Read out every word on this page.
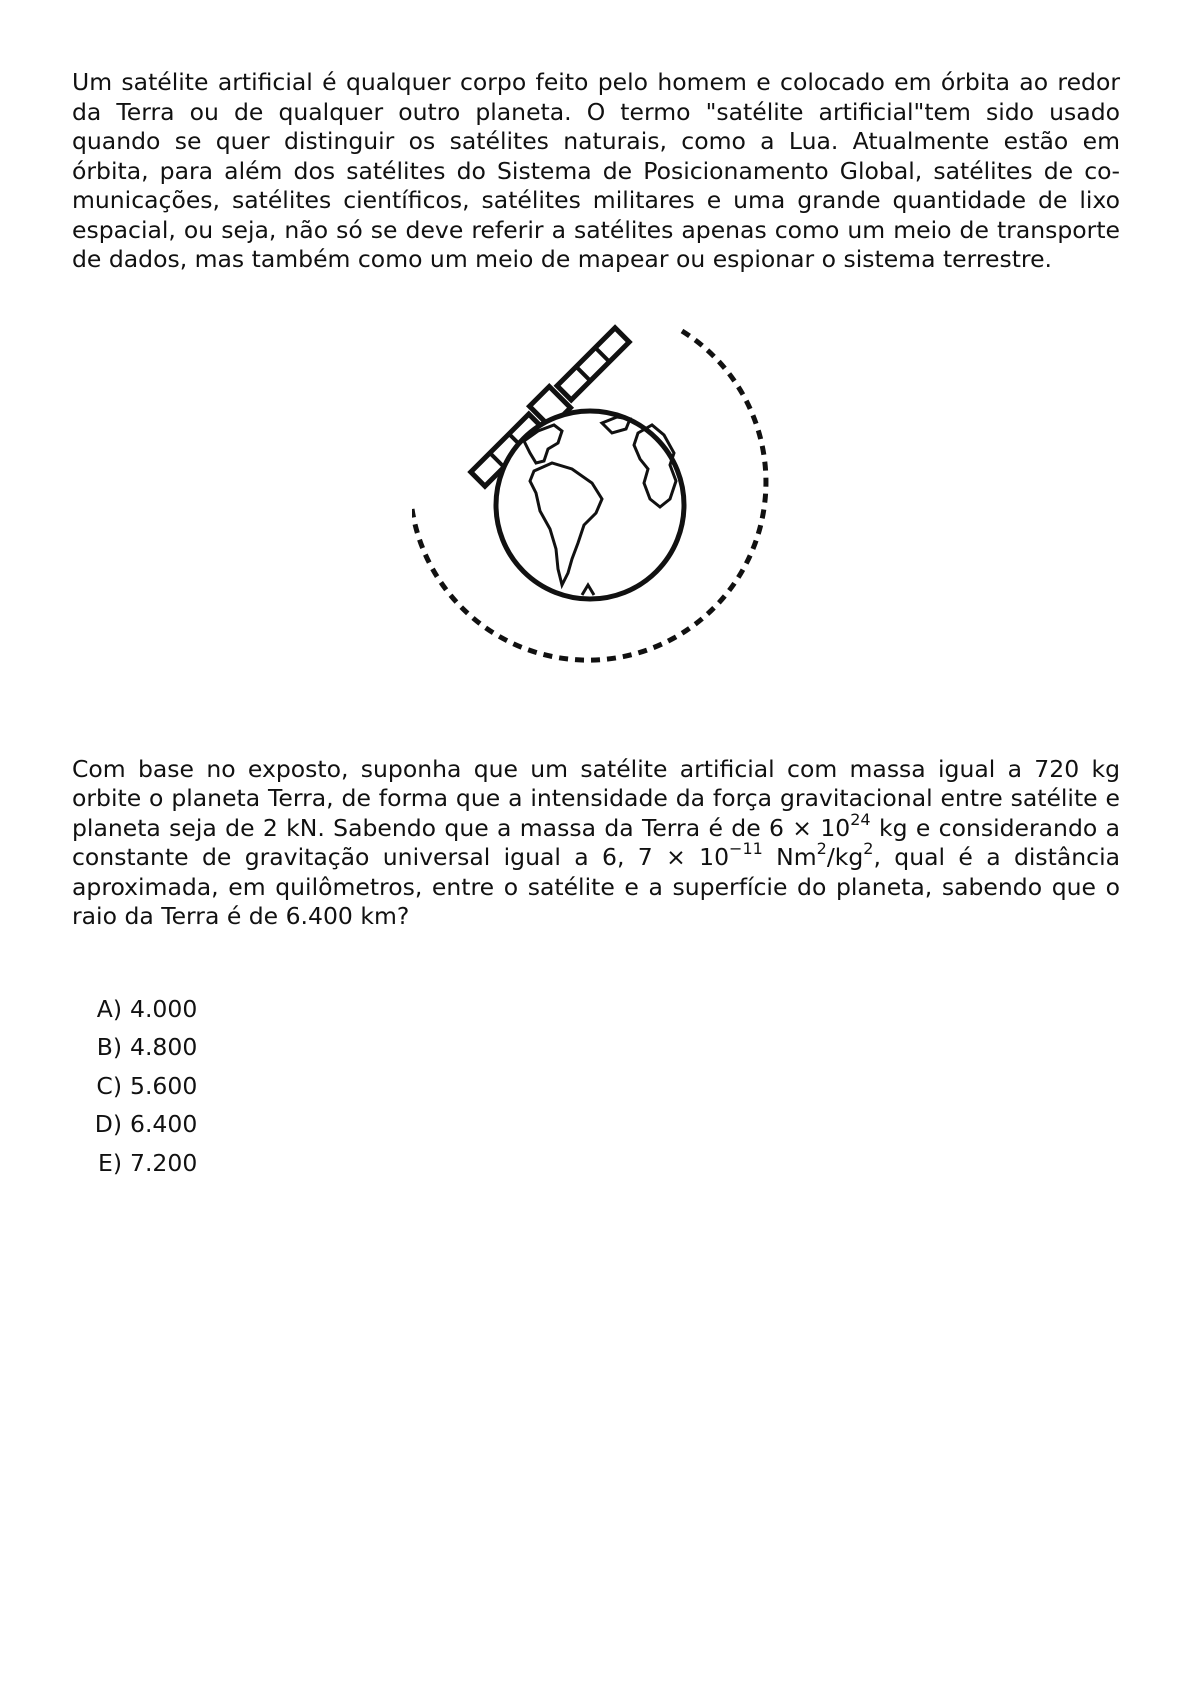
Um satélite artificial é qualquer corpo feito pelo homem e colocado em órbita ao redor da Terra ou de qualquer outro planeta. O termo "satélite artificial"tem sido usado quando se quer distinguir os satélites naturais, como a Lua. Atualmente estão em órbita, para além dos satélites do Sistema de Posicionamento Global, satélites de comunicações, satélites científicos, satélites militares e uma grande quantidade de lixo espacial, ou seja, não só se deve referir a satélites apenas como um meio de transporte de dados, mas também como um meio de mapear ou espionar o sistema terrestre.

Com base no exposto, suponha que um satélite artificial com massa igual a 720 kg orbite o planeta Terra, de forma que a intensidade da força gravitacional entre satélite e planeta seja de 2 kN. Sabendo que a massa da Terra é de $6 \times 10^{24}$ kg e considerando a constante de gravitação universal igual a 6, $7 \times 10^{-11}$ $Nm^2/kg^2$, qual é a distância aproximada, em quilômetros, entre o satélite e a superfície do planeta, sabendo que o raio da Terra é de 6.400 km?

A) 4.000
B) 4.800
C) 5.600
D) 6.400
E) 7.200
